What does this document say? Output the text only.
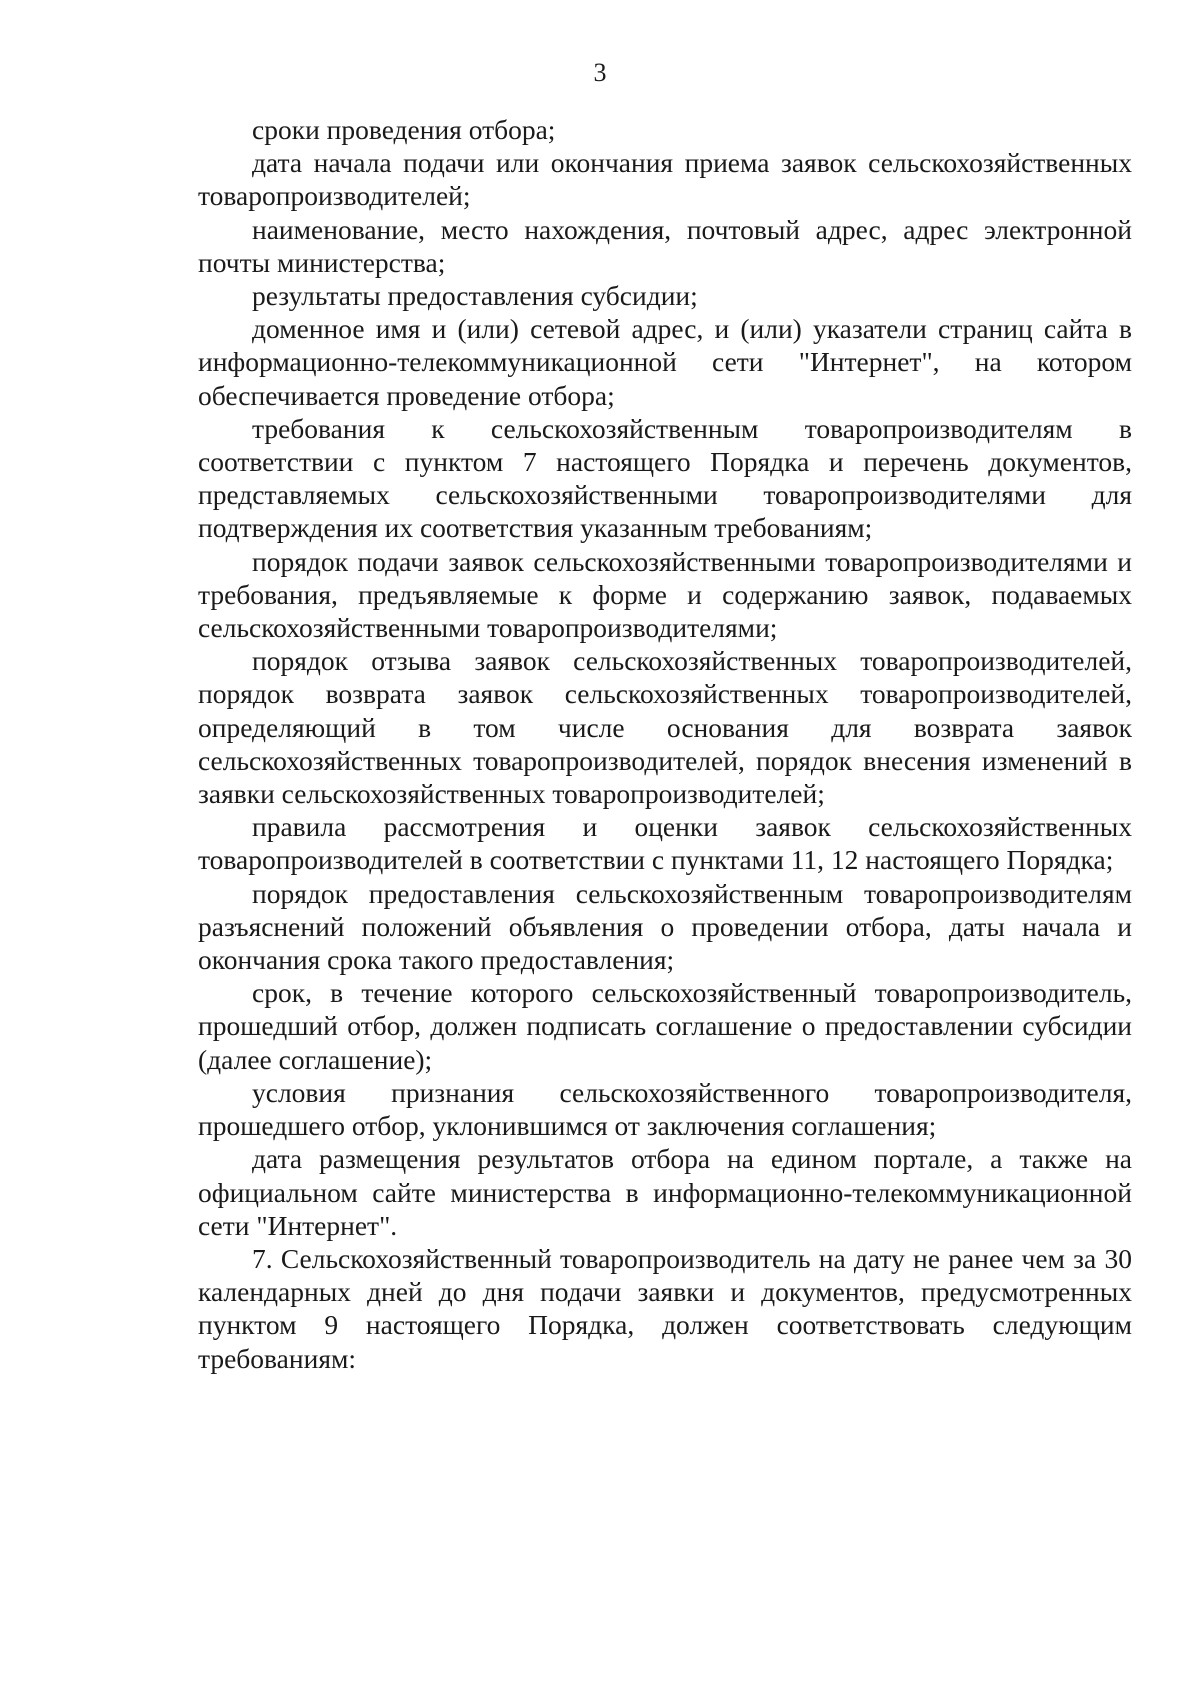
3

сроки проведения отбора;

дата начала подачи или окончания приема заявок сельскохозяйственных товаропроизводителей;

наименование, место нахождения, почтовый адрес, адрес электронной почты министерства;

результаты предоставления субсидии;

доменное имя и (или) сетевой адрес, и (или) указатели страниц сайта в информационно-телекоммуникационной сети "Интернет", на котором обеспечивается проведение отбора;

требования к сельскохозяйственным товаропроизводителям в соответствии с пунктом 7 настоящего Порядка и перечень документов, представляемых сельскохозяйственными товаропроизводителями для подтверждения их соответствия указанным требованиям;

порядок подачи заявок сельскохозяйственными товаропроизводителями и требования, предъявляемые к форме и содержанию заявок, подаваемых сельскохозяйственными товаропроизводителями;

порядок отзыва заявок сельскохозяйственных товаропроизводителей, порядок возврата заявок сельскохозяйственных товаропроизводителей, определяющий в том числе основания для возврата заявок сельскохозяйственных товаропроизводителей, порядок внесения изменений в заявки сельскохозяйственных товаропроизводителей;

правила рассмотрения и оценки заявок сельскохозяйственных товаропроизводителей в соответствии с пунктами 11, 12 настоящего Порядка;

порядок предоставления сельскохозяйственным товаропроизводителям разъяснений положений объявления о проведении отбора, даты начала и окончания срока такого предоставления;

срок, в течение которого сельскохозяйственный товаропроизводитель, прошедший отбор, должен подписать соглашение о предоставлении субсидии (далее соглашение);

условия признания сельскохозяйственного товаропроизводителя, прошедшего отбор, уклонившимся от заключения соглашения;

дата размещения результатов отбора на едином портале, а также на официальном сайте министерства в информационно-телекоммуникационной сети "Интернет".

7. Сельскохозяйственный товаропроизводитель на дату не ранее чем за 30 календарных дней до дня подачи заявки и документов, предусмотренных пунктом 9 настоящего Порядка, должен соответствовать следующим требованиям:
